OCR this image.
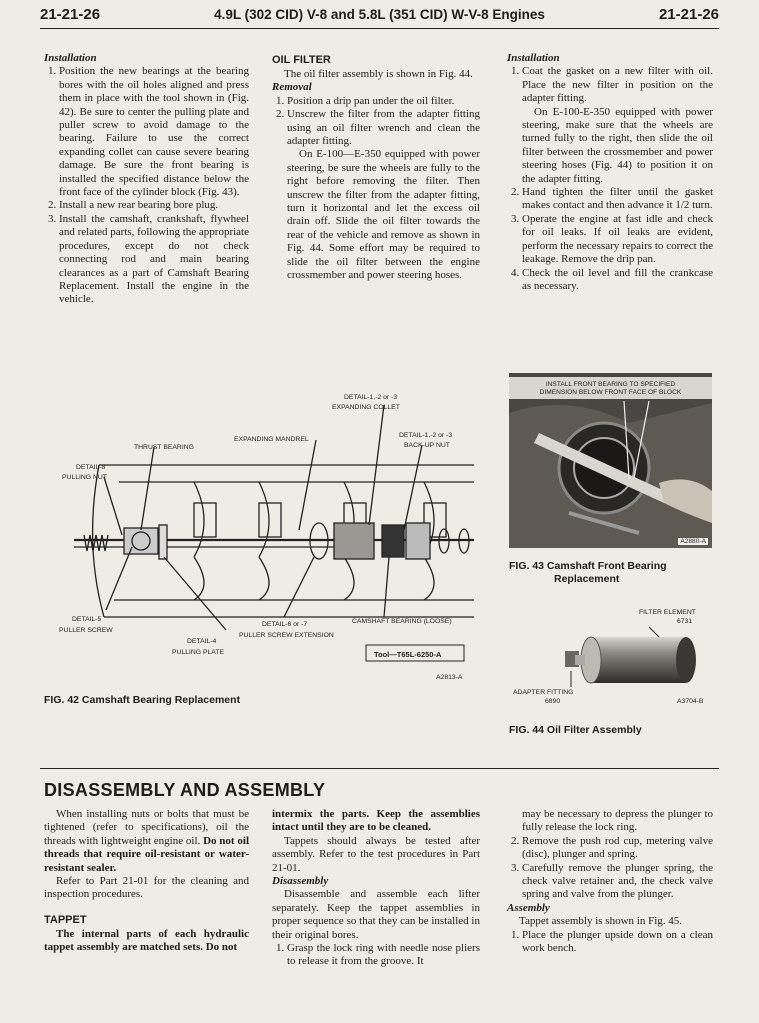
21-21-26	4.9L (302 CID) V-8 and 5.8L (351 CID) W-V-8 Engines	21-21-26
Installation
1. Position the new bearings at the bearing bores with the oil holes aligned and press them in place with the tool shown in (Fig. 42). Be sure to center the pulling plate and puller screw to avoid damage to the bearing. Failure to use the correct expanding collet can cause severe bearing damage. Be sure the front bearing is installed the specified distance below the front face of the cylinder block (Fig. 43).
2. Install a new rear bearing bore plug.
3. Install the camshaft, crankshaft, flywheel and related parts, following the appropriate procedures, except do not check connecting rod and main bearing clearances as a part of Camshaft Bearing Replacement. Install the engine in the vehicle.
OIL FILTER

The oil filter assembly is shown in Fig. 44.

Removal
1. Position a drip pan under the oil filter.
2. Unscrew the filter from the adapter fitting using an oil filter wrench and clean the adapter fitting.

On E-100—E-350 equipped with power steering, be sure the wheels are fully to the right before removing the filter. Then unscrew the filter from the adapter fitting, turn it horizontal and let the excess oil drain off. Slide the oil filter towards the rear of the vehicle and remove as shown in Fig. 44. Some effort may be required to slide the oil filter between the engine crossmember and power steering hoses.

Installation
1. Coat the gasket on a new filter with oil. Place the new filter in position on the adapter fitting.

On E-100-E-350 equipped with power steering, make sure that the wheels are turned fully to the right, then slide the oil filter between the crossmember and power steering hoses (Fig. 44) to position it on the adapter fitting.

2. Hand tighten the filter until the gasket makes contact and then advance it 1/2 turn.
3. Operate the engine at fast idle and check for oil leaks. If oil leaks are evident, perform the necessary repairs to correct the leakage. Remove the drip pan.
4. Check the oil level and fill the crankcase as necessary.
DETAIL-1,-2 or -3
EXPANDING COLLET
EXPANDING MANDREL
DETAIL-1,-2 or -3
BACK-UP NUT
THRUST BEARING
DETAIL-8
PULLING NUT
DETAIL-5
PULLER SCREW
DETAIL-6 or -7
PULLER SCREW EXTENSION
CAMSHAFT BEARING (LOOSE)
DETAIL-4
PULLING PLATE	Tool—T65L-6250-A
A2813-A
FIG. 42 Camshaft Bearing Replacement
INSTALL FRONT BEARING TO SPECIFIED
DIMENSION BELOW FRONT FACE OF BLOCK
A2880-A
FIG. 43 Camshaft Front Bearing
Replacement
FILTER ELEMENT
6731
ADAPTER FITTING
6890	A3704-B
FIG. 44 Oil Filter Assembly
DISASSEMBLY AND ASSEMBLY

When installing nuts or bolts that must be tightened (refer to specifications), oil the threads with lightweight engine oil. Do not oil threads that require oil-resistant or water-resistant sealer.

Refer to Part 21-01 for the cleaning and inspection procedures.

TAPPET

The internal parts of each hydraulic tappet assembly are matched sets. Do not

intermix the parts. Keep the assemblies intact until they are to be cleaned.

Tappets should always be tested after assembly. Refer to the test procedures in Part 21-01.

Disassembly

Disassemble and assemble each lifter separately. Keep the tappet assemblies in proper sequence so that they can be installed in their original bores.

1. Grasp the lock ring with needle nose pliers to release it from the groove. It

may be necessary to depress the plunger to fully release the lock ring.

2. Remove the push rod cup, metering valve (disc), plunger and spring.
3. Carefully remove the plunger spring, the check valve retainer and, the check valve spring and valve from the plunger.
Assembly

Tappet assembly is shown in Fig. 45.

1. Place the plunger upside down on a clean work bench.
